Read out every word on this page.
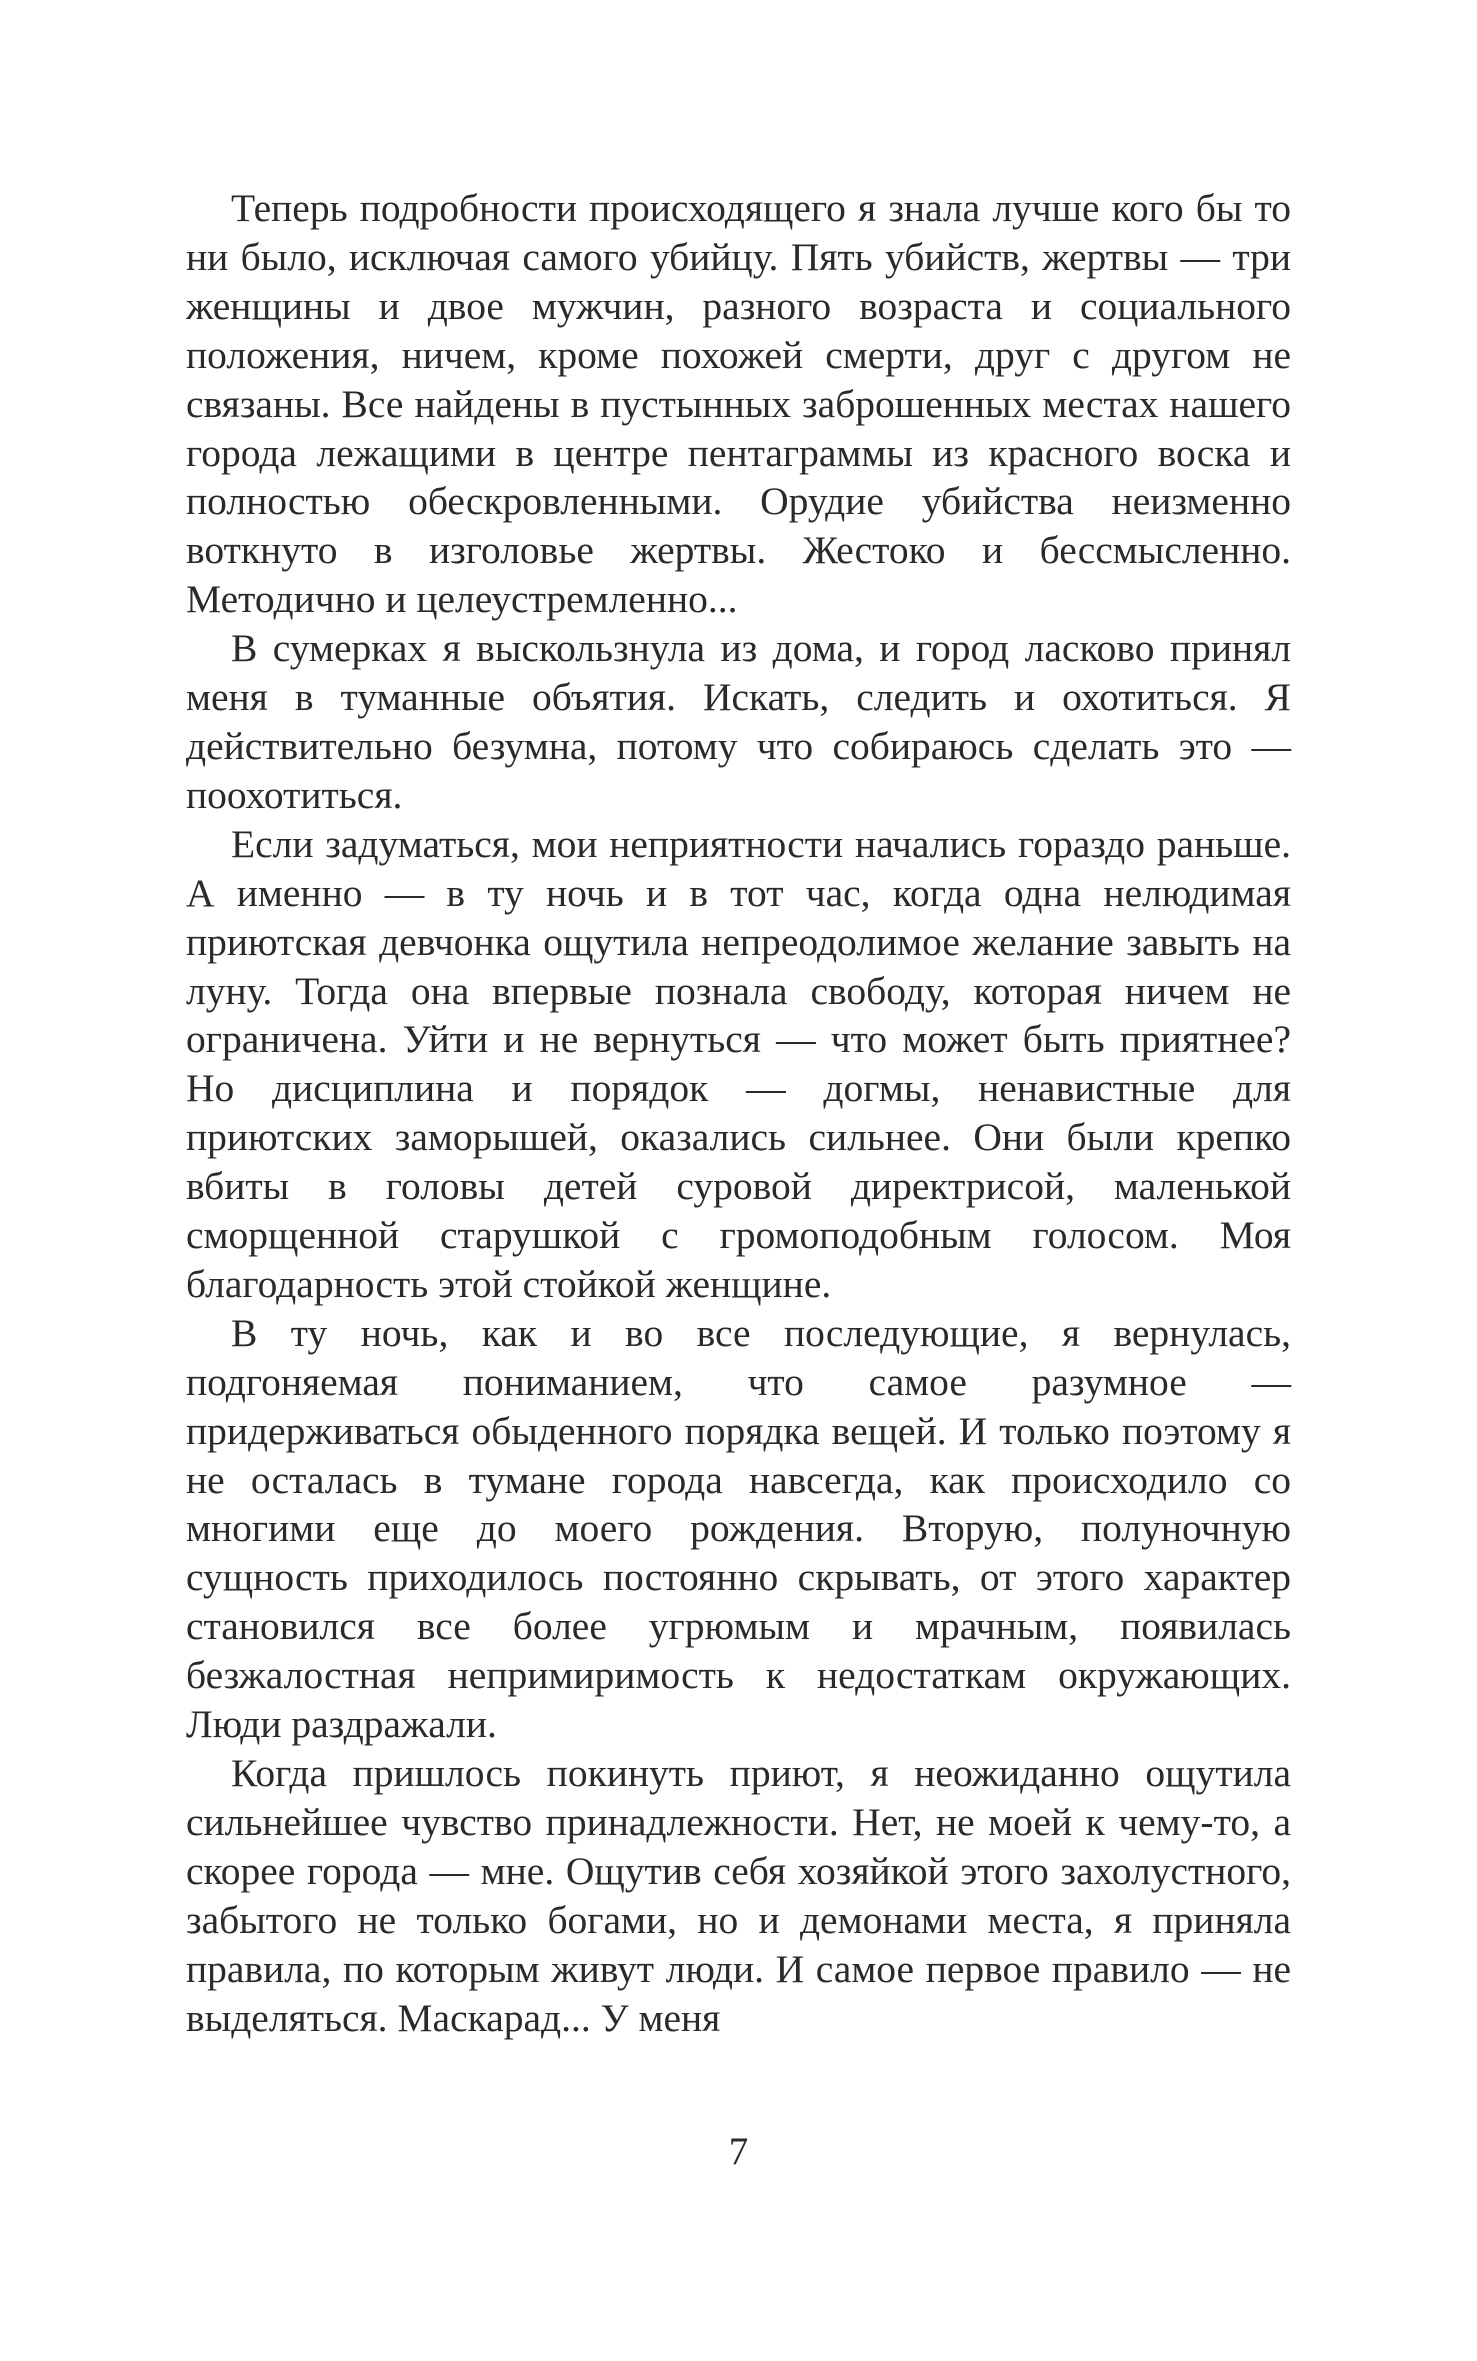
Теперь подробности происходящего я знала лучше кого бы то ни было, исключая самого убийцу. Пять убийств, жертвы — три женщины и двое мужчин, разного возраста и социального положения, ничем, кроме похожей смерти, друг с другом не связаны. Все найдены в пустынных заброшенных местах нашего города лежащими в центре пентаграммы из красного воска и полностью обескровленными. Орудие убийства неизменно воткнуто в изголовье жертвы. Жестоко и бессмысленно. Методично и целеустремленно...

В сумерках я выскользнула из дома, и город ласково принял меня в туманные объятия. Искать, следить и охотиться. Я действительно безумна, потому что собираюсь сделать это — поохотиться.

Если задуматься, мои неприятности начались гораздо раньше. А именно — в ту ночь и в тот час, когда одна нелюдимая приютская девчонка ощутила непреодолимое желание завыть на луну. Тогда она впервые познала свободу, которая ничем не ограничена. Уйти и не вернуться — что может быть приятнее? Но дисциплина и порядок — догмы, ненавистные для приютских заморышей, оказались сильнее. Они были крепко вбиты в головы детей суровой директрисой, маленькой сморщенной старушкой с громоподобным голосом. Моя благодарность этой стойкой женщине.

В ту ночь, как и во все последующие, я вернулась, подгоняемая пониманием, что самое разумное — придерживаться обыденного порядка вещей. И только поэтому я не осталась в тумане города навсегда, как происходило со многими еще до моего рождения. Вторую, полуночную сущность приходилось постоянно скрывать, от этого характер становился все более угрюмым и мрачным, появилась безжалостная непримиримость к недостаткам окружающих. Люди раздражали.

Когда пришлось покинуть приют, я неожиданно ощутила сильнейшее чувство принадлежности. Нет, не моей к чему-то, а скорее города — мне. Ощутив себя хозяйкой этого захолустного, забытого не только богами, но и демонами места, я приняла правила, по которым живут люди. И самое первое правило — не выделяться. Маскарад... У меня

7
